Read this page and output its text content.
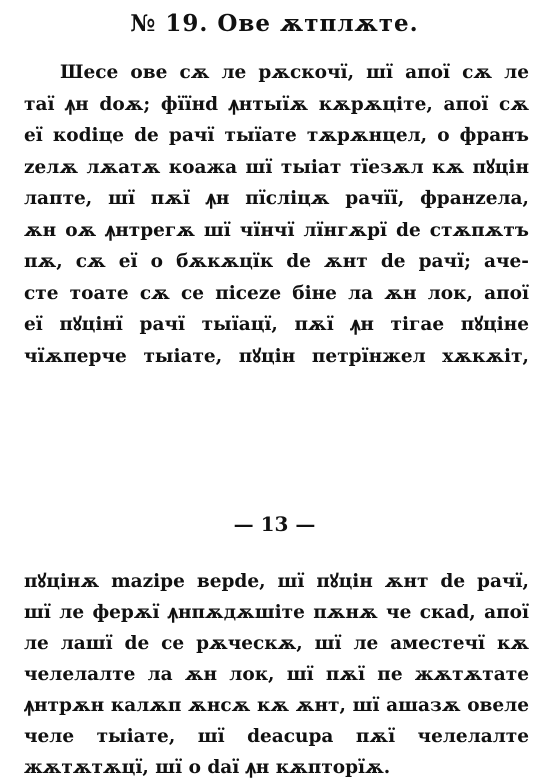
№ 19. Ове ѫтплѫте.
Шесе ове сѫ ле рѫскочї, шї апої сѫ ле
таї ꙟн doѫ; фїїнd ꙟнтыїѫ кѫрѫціте, апої сѫ
еї кodiцe de рачї тыїате тѫрѫнцел, о франъ
zелѫ лѫатѫ коажа шї тыіат тїезѫл кѫ пꙋцін
лапте, шї пѫї ꙟн пїсліцѫ рачїї, франzела,
ѫн оѫ ꙟнтрегѫ шї чїнчї лїнгѫрї de стѫпѫтъ
пѫ, сѫ еї о бѫкѫцїк de ѫнт de рачї; аче-
сте тоате сѫ се пісеzе біне ла ѫн лок, апої
еї пꙋцінї рачї тыїацї, пѫї ꙟн тігае пꙋцінe
чїѫперче тыіате, пꙋцін петрїнжел хѫкѫіт,
— 13 —
пꙋцінѫ mazipe верde, шї пꙋцін ѫнт de рачї,
шї ле ферѫї ꙟнпѫдѫшіте пѫнѫ че скаd, апої
ле лашї de се рѫческѫ, шї ле аместечї кѫ
челелалте ла ѫн лок, шї пѫї пе жѫтѫтате
ꙟнтрѫн калѫп ѫнсѫ кѫ ѫнт, шї ашазѫ овеле
челе тыіате, шї deacupa пѫї челелалте
жѫтѫтѫцї, шї о daї ꙟн кѫпторїѫ.
